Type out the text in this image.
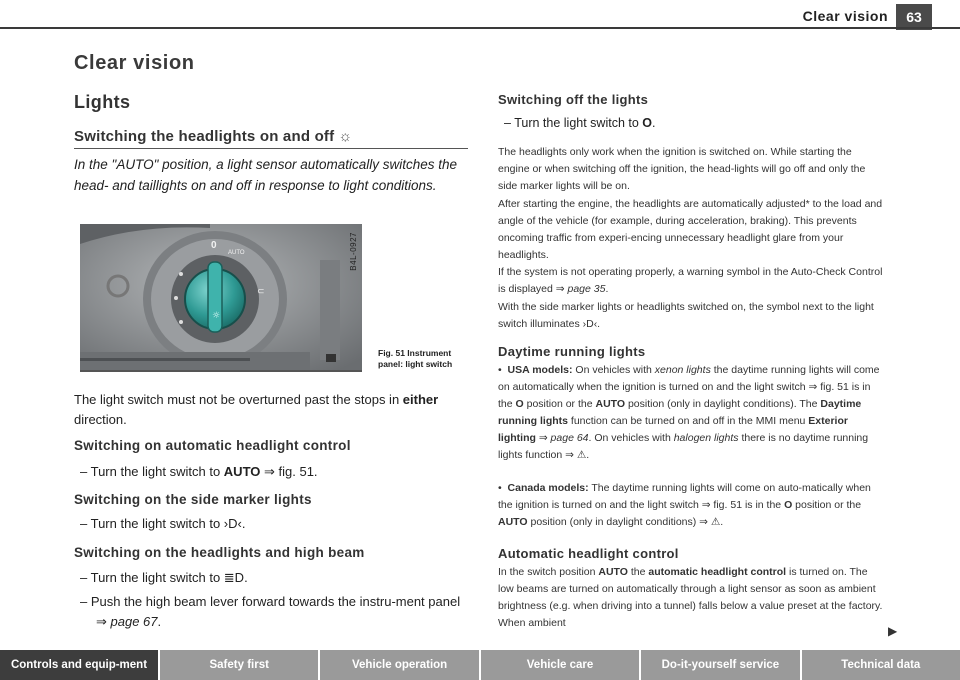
Clear vision	63
Clear vision
Lights
Switching the headlights on and off ☼
In the "AUTO" position, a light sensor automatically switches the head- and taillights on and off in response to light conditions.
☼
0
AUTO
⊂
B4L-0927
Fig. 51 Instrument panel: light switch
The light switch must not be overturned past the stops in either direction.
Switching on automatic headlight control
– Turn the light switch to AUTO ⇒ fig. 51.
Switching on the side marker lights
– Turn the light switch to ›D‹.
Switching on the headlights and high beam
– Turn the light switch to ≣D.
– Push the high beam lever forward towards the instru-ment panel ⇒ page 67.
Switching off the lights
– Turn the light switch to O.
The headlights only work when the ignition is switched on. While starting the engine or when switching off the ignition, the head-lights will go off and only the side marker lights will be on.
After starting the engine, the headlights are automatically adjusted* to the load and angle of the vehicle (for example, during acceleration, braking). This prevents oncoming traffic from experi-encing unnecessary headlight glare from your headlights.
If the system is not operating properly, a warning symbol in the Auto-Check Control is displayed ⇒ page 35.
With the side marker lights or headlights switched on, the symbol next to the light switch illuminates ›D‹.
Daytime running lights
•  USA models: On vehicles with xenon lights the daytime running lights will come on automatically when the ignition is turned on and the light switch ⇒ fig. 51 is in the O position or the AUTO position (only in daylight conditions). The Daytime running lights function can be turned on and off in the MMI menu Exterior lighting ⇒ page 64. On vehicles with halogen lights there is no daytime running lights function ⇒ ⚠.
•  Canada models: The daytime running lights will come on auto-matically when the ignition is turned on and the light switch ⇒ fig. 51 is in the O position or the AUTO position (only in daylight conditions) ⇒ ⚠.
Automatic headlight control
In the switch position AUTO the automatic headlight control is turned on. The low beams are turned on automatically through a light sensor as soon as ambient brightness (e.g. when driving into a tunnel) falls below a value preset at the factory. When ambient
▶
Controls and equip-ment	Safety first	Vehicle operation	Vehicle care	Do-it-yourself service	Technical data
